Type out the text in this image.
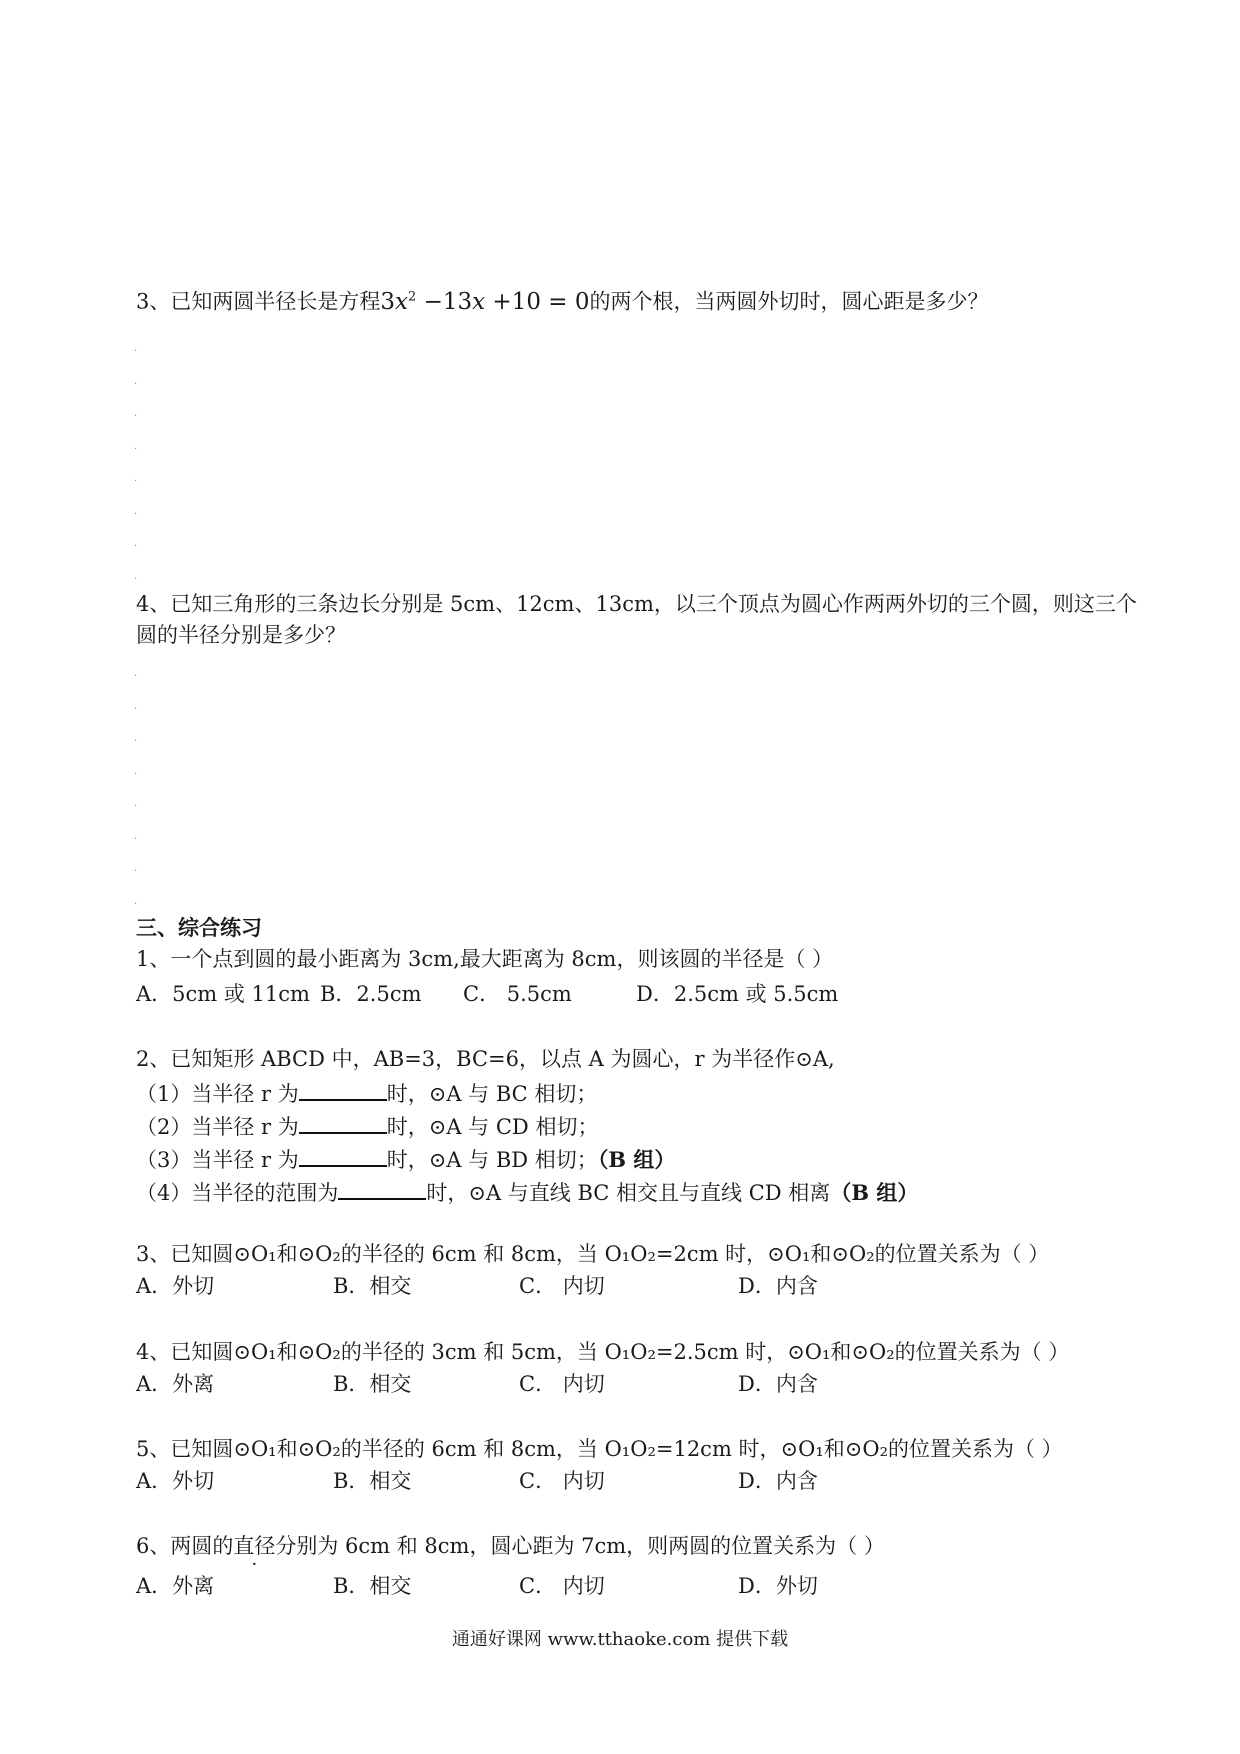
3、已知两圆半径长是方程$3x^2 -13x +10 = 0$的两个根，当两圆外切时，圆心距是多少？
.
.
.
.
.
.
.
.
4、已知三角形的三条边长分别是 5cm、12cm、13cm，以三个顶点为圆心作两两外切的三个圆，则这三个
圆的半径分别是多少？
.
.
.
.
.
.
.
.
三、综合练习
1、一个点到圆的最小距离为 3cm,最大距离为 8cm，则该圆的半径是（ ）
A．5cm 或 11cm B．2.5cm C． 5.5cm	D．2.5cm 或 5.5cm
2、已知矩形 ABCD 中，AB=3，BC=6，以点 A 为圆心，r 为半径作⊙A,
（1）当半径 r 为	时，⊙A 与 BC 相切；
（2）当半径 r 为	时，⊙A 与 CD 相切；
（3）当半径 r 为	时，⊙A 与 BD 相切；（B 组）
（4）当半径的范围为	时，⊙A 与直线 BC 相交且与直线 CD 相离（B 组）
3、已知圆⊙O₁和⊙O₂的半径的 6cm 和 8cm，当 O₁O₂=2cm 时，⊙O₁和⊙O₂的位置关系为（ ）
A．外切	B．相交	C． 内切	D．内含
4、已知圆⊙O₁和⊙O₂的半径的 3cm 和 5cm，当 O₁O₂=2.5cm 时，⊙O₁和⊙O₂的位置关系为（ ）
A．外离	B．相交	C． 内切	D．内含
5、已知圆⊙O₁和⊙O₂的半径的 6cm 和 8cm，当 O₁O₂=12cm 时，⊙O₁和⊙O₂的位置关系为（ ）
A．外切	B．相交	C． 内切	D．内含
6、两圆的直径分别为 6cm 和 8cm，圆心距为 7cm，则两圆的位置关系为（ ）
A．外离	B．相交	C． 内切	D．外切
通通好课网 www.tthaoke.com 提供下载
